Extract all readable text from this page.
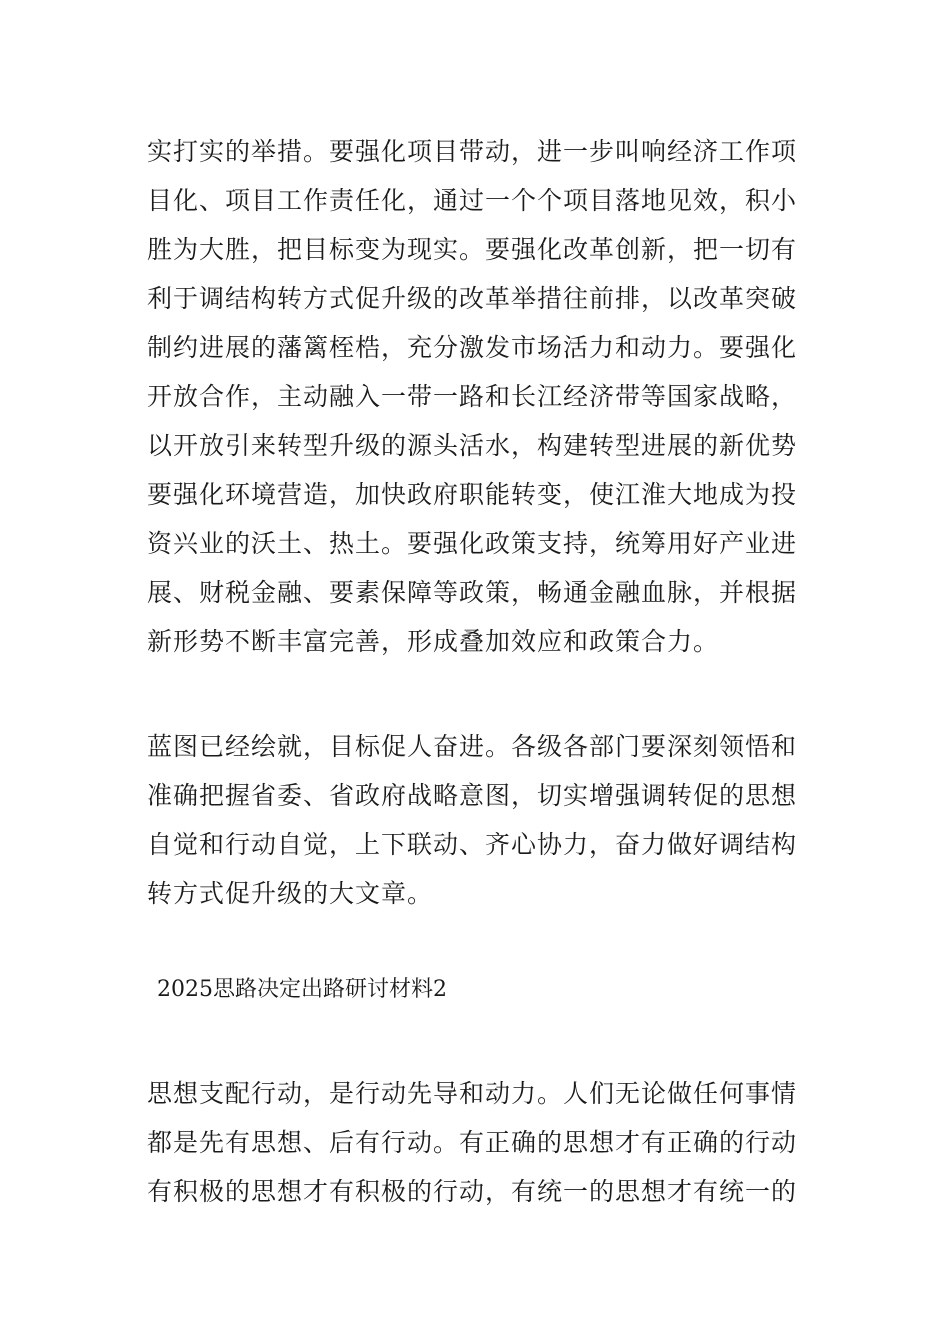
实打实的举措。要强化项目带动，进一步叫响经济工作项
目化、项目工作责任化，通过一个个项目落地见效，积小
胜为大胜，把目标变为现实。要强化改革创新，把一切有
利于调结构转方式促升级的改革举措往前排，以改革突破
制约进展的藩篱桎梏，充分激发市场活力和动力。要强化
开放合作，主动融入一带一路和长江经济带等国家战略，
以开放引来转型升级的源头活水，构建转型进展的新优势
要强化环境营造，加快政府职能转变，使江淮大地成为投
资兴业的沃土、热土。要强化政策支持，统筹用好产业进
展、财税金融、要素保障等政策，畅通金融血脉，并根据
新形势不断丰富完善，形成叠加效应和政策合力。
蓝图已经绘就，目标促人奋进。各级各部门要深刻领悟和
准确把握省委、省政府战略意图，切实增强调转促的思想
自觉和行动自觉，上下联动、齐心协力，奋力做好调结构
转方式促升级的大文章。
2025思路决定出路研讨材料2
思想支配行动，是行动先导和动力。人们无论做任何事情
都是先有思想、后有行动。有正确的思想才有正确的行动
有积极的思想才有积极的行动，有统一的思想才有统一的
